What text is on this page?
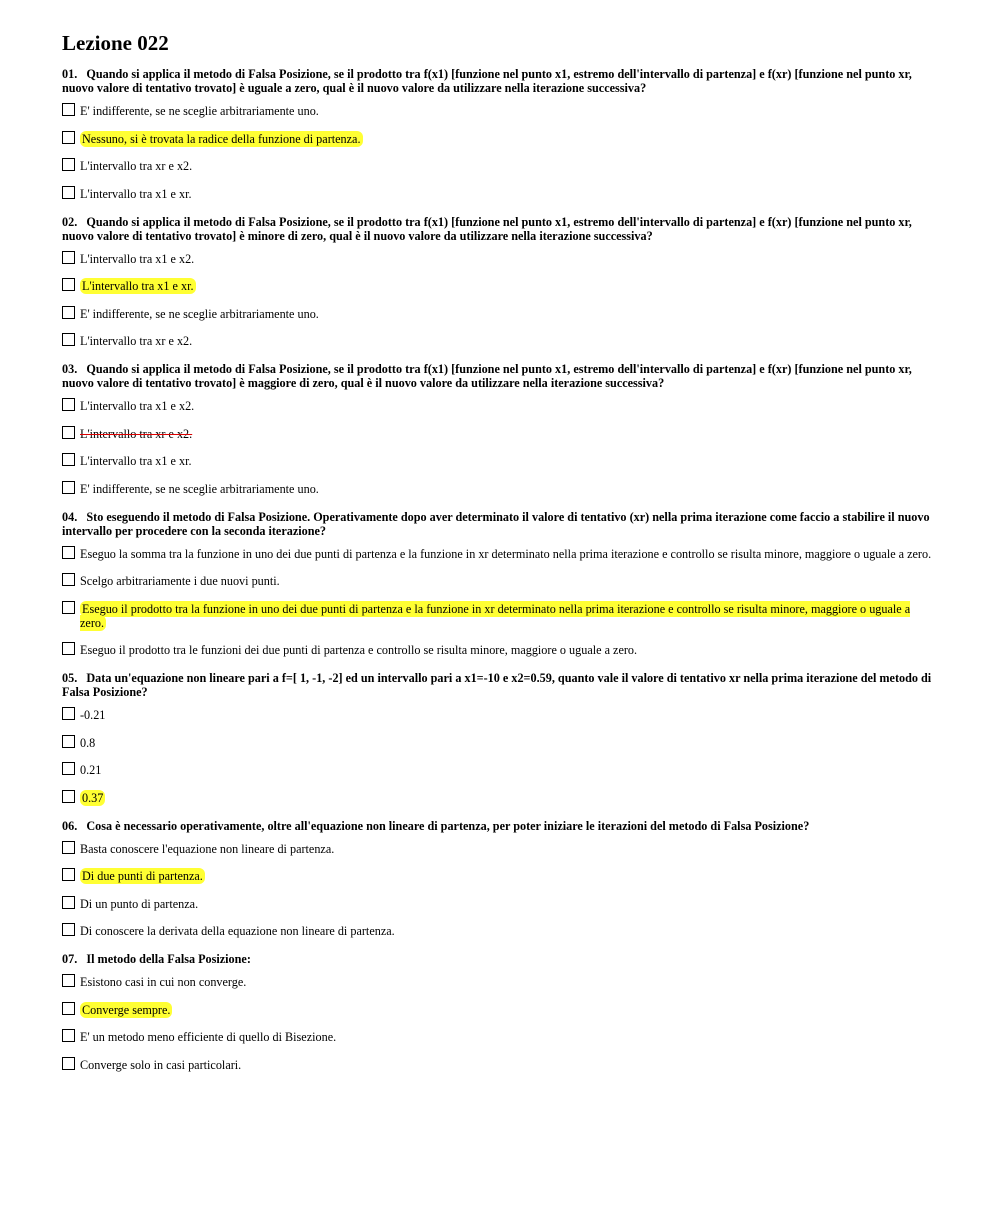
Lezione 022
01. Quando si applica il metodo di Falsa Posizione, se il prodotto tra f(x1) [funzione nel punto x1, estremo dell'intervallo di partenza] e f(xr) [funzione nel punto xr, nuovo valore di tentativo trovato] è uguale a zero, qual è il nuovo valore da utilizzare nella iterazione successiva?
E' indifferente, se ne sceglie arbitrariamente uno.
Nessuno, si è trovata la radice della funzione di partenza.
L'intervallo tra xr e x2.
L'intervallo tra x1 e xr.
02. Quando si applica il metodo di Falsa Posizione, se il prodotto tra f(x1) [funzione nel punto x1, estremo dell'intervallo di partenza] e f(xr) [funzione nel punto xr, nuovo valore di tentativo trovato] è minore di zero, qual è il nuovo valore da utilizzare nella iterazione successiva?
L'intervallo tra x1 e x2.
L'intervallo tra x1 e xr.
E' indifferente, se ne sceglie arbitrariamente uno.
L'intervallo tra xr e x2.
03. Quando si applica il metodo di Falsa Posizione, se il prodotto tra f(x1) [funzione nel punto x1, estremo dell'intervallo di partenza] e f(xr) [funzione nel punto xr, nuovo valore di tentativo trovato] è maggiore di zero, qual è il nuovo valore da utilizzare nella iterazione successiva?
L'intervallo tra x1 e x2.
L'intervallo tra xr e x2.
L'intervallo tra x1 e xr.
E' indifferente, se ne sceglie arbitrariamente uno.
04. Sto eseguendo il metodo di Falsa Posizione. Operativamente dopo aver determinato il valore di tentativo (xr) nella prima iterazione come faccio a stabilire il nuovo intervallo per procedere con la seconda iterazione?
Eseguo la somma tra la funzione in uno dei due punti di partenza e la funzione in xr determinato nella prima iterazione e controllo se risulta minore, maggiore o uguale a zero.
Scelgo arbitrariamente i due nuovi punti.
Eseguo il prodotto tra la funzione in uno dei due punti di partenza e la funzione in xr determinato nella prima iterazione e controllo se risulta minore, maggiore o uguale a zero.
Eseguo il prodotto tra le funzioni dei due punti di partenza e controllo se risulta minore, maggiore o uguale a zero.
05. Data un'equazione non lineare pari a f=[ 1, -1, -2] ed un intervallo pari a x1=-10 e x2=0.59, quanto vale il valore di tentativo xr nella prima iterazione del metodo di Falsa Posizione?
-0.21
0.8
0.21
0.37
06. Cosa è necessario operativamente, oltre all'equazione non lineare di partenza, per poter iniziare le iterazioni del metodo di Falsa Posizione?
Basta conoscere l'equazione non lineare di partenza.
Di due punti di partenza.
Di un punto di partenza.
Di conoscere la derivata della equazione non lineare di partenza.
07. Il metodo della Falsa Posizione:
Esistono casi in cui non converge.
Converge sempre.
E' un metodo meno efficiente di quello di Bisezione.
Converge solo in casi particolari.
